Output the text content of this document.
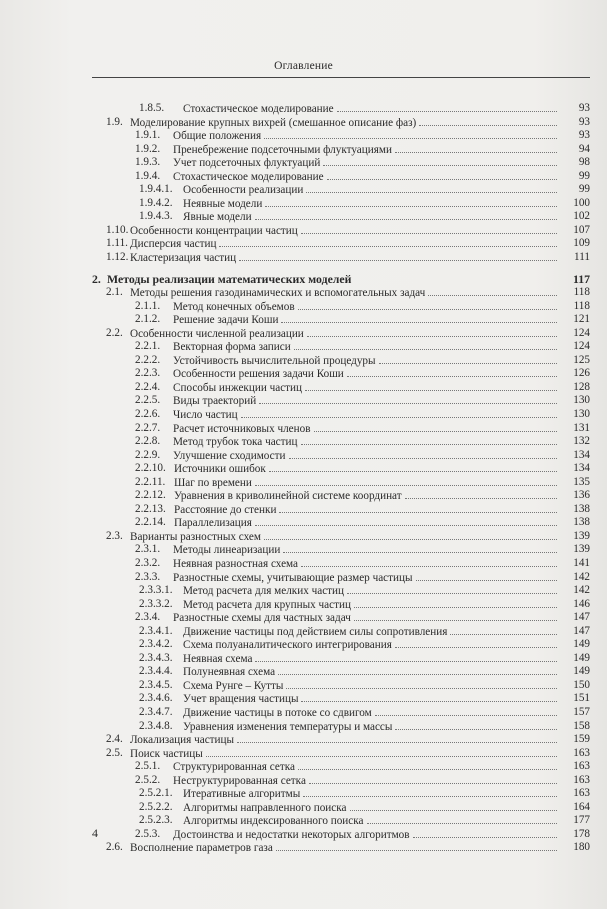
Оглавление
1.8.5. Стохастическое моделирование	93
1.9. Моделирование крупных вихрей (смешанное описание фаз)	93
1.9.1. Общие положения	93
1.9.2. Пренебрежение подсеточными флуктуациями	94
1.9.3. Учет подсеточных флуктуаций	98
1.9.4. Стохастическое моделирование	99
1.9.4.1. Особенности реализации	99
1.9.4.2. Неявные модели	100
1.9.4.3. Явные модели	102
1.10. Особенности концентрации частиц	107
1.11. Дисперсия частиц	109
1.12. Кластеризация частиц	111
2. Методы реализации математических моделей	117
2.1. Методы решения газодинамических и вспомогательных задач	118
2.1.1. Метод конечных объемов	118
2.1.2. Решение задачи Коши	121
2.2. Особенности численной реализации	124
2.2.1. Векторная форма записи	124
2.2.2. Устойчивость вычислительной процедуры	125
2.2.3. Особенности решения задачи Коши	126
2.2.4. Способы инжекции частиц	128
2.2.5. Виды траекторий	130
2.2.6. Число частиц	130
2.2.7. Расчет источниковых членов	131
2.2.8. Метод трубок тока частиц	132
2.2.9. Улучшение сходимости	134
2.2.10. Источники ошибок	134
2.2.11. Шаг по времени	135
2.2.12. Уравнения в криволинейной системе координат	136
2.2.13. Расстояние до стенки	138
2.2.14. Параллелизация	138
2.3. Варианты разностных схем	139
2.3.1. Методы линеаризации	139
2.3.2. Неявная разностная схема	141
2.3.3. Разностные схемы, учитывающие размер частицы	142
2.3.3.1. Метод расчета для мелких частиц	142
2.3.3.2. Метод расчета для крупных частиц	146
2.3.4. Разностные схемы для частных задач	147
2.3.4.1. Движение частицы под действием силы сопротивления	147
2.3.4.2. Схема полуаналитического интегрирования	149
2.3.4.3. Неявная схема	149
2.3.4.4. Полунеявная схема	149
2.3.4.5. Схема Рунге – Кутты	150
2.3.4.6. Учет вращения частицы	151
2.3.4.7. Движение частицы в потоке со сдвигом	157
2.3.4.8. Уравнения изменения температуры и массы	158
2.4. Локализация частицы	159
2.5. Поиск частицы	163
2.5.1. Структурированная сетка	163
2.5.2. Неструктурированная сетка	163
2.5.2.1. Итеративные алгоритмы	163
2.5.2.2. Алгоритмы направленного поиска	164
2.5.2.3. Алгоритмы индексированного поиска	177
2.5.3. Достоинства и недостатки некоторых алгоритмов	178
2.6. Восполнение параметров газа	180
4
